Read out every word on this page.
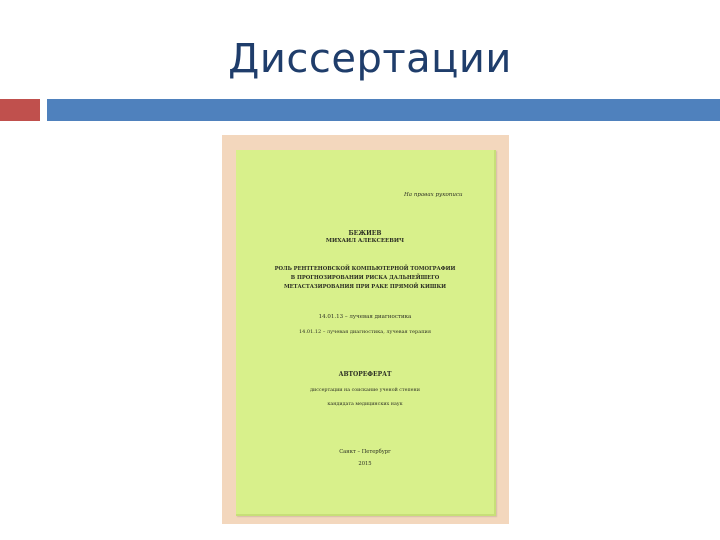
Диссертации
На правах рукописи
БЕЖИЕВ
МИХАИЛ АЛЕКСЕЕВИЧ
РОЛЬ РЕНТГЕНОВСКОЙ КОМПЬЮТЕРНОЙ ТОМОГРАФИИ
В ПРОГНОЗИРОВАНИИ РИСКА ДАЛЬНЕЙШЕГО
МЕТАСТАЗИРОВАНИЯ ПРИ РАКЕ ПРЯМОЙ КИШКИ
14.01.13 – лучевая диагностика
14.01.12 – лучевая диагностика, лучевая терапия
АВТОРЕФЕРАТ
диссертации на соискание ученой степени
кандидата медицинских наук
Санкт – Петербург
2015
